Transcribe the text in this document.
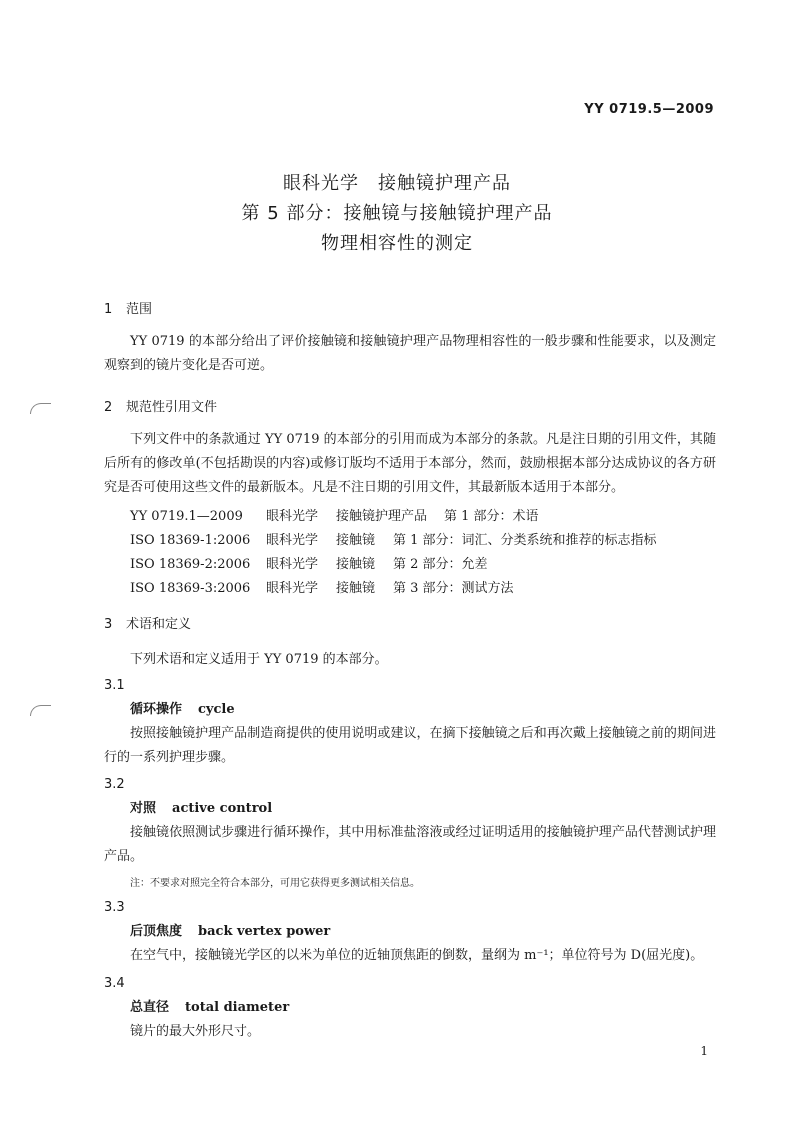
YY 0719.5—2009
眼科光学　接触镜护理产品
第 5 部分：接触镜与接触镜护理产品
物理相容性的测定
1 范围
YY 0719 的本部分给出了评价接触镜和接触镜护理产品物理相容性的一般步骤和性能要求，以及测定观察到的镜片变化是否可逆。
2 规范性引用文件
下列文件中的条款通过 YY 0719 的本部分的引用而成为本部分的条款。凡是注日期的引用文件，其随后所有的修改单(不包括勘误的内容)或修订版均不适用于本部分，然而，鼓励根据本部分达成协议的各方研究是否可使用这些文件的最新版本。凡是不注日期的引用文件，其最新版本适用于本部分。
YY 0719.1—2009 眼科光学 接触镜护理产品 第 1 部分：术语
ISO 18369-1:2006 眼科光学 接触镜 第 1 部分：词汇、分类系统和推荐的标志指标
ISO 18369-2:2006 眼科光学 接触镜 第 2 部分：允差
ISO 18369-3:2006 眼科光学 接触镜 第 3 部分：测试方法
3 术语和定义
下列术语和定义适用于 YY 0719 的本部分。
3.1
循环操作 cycle
按照接触镜护理产品制造商提供的使用说明或建议，在摘下接触镜之后和再次戴上接触镜之前的期间进行的一系列护理步骤。
3.2
对照 active control
接触镜依照测试步骤进行循环操作，其中用标准盐溶液或经过证明适用的接触镜护理产品代替测试护理产品。
注：不要求对照完全符合本部分，可用它获得更多测试相关信息。
3.3
后顶焦度 back vertex power
在空气中，接触镜光学区的以米为单位的近轴顶焦距的倒数，量纲为 m⁻¹；单位符号为 D(屈光度)。
3.4
总直径 total diameter
镜片的最大外形尺寸。
1
